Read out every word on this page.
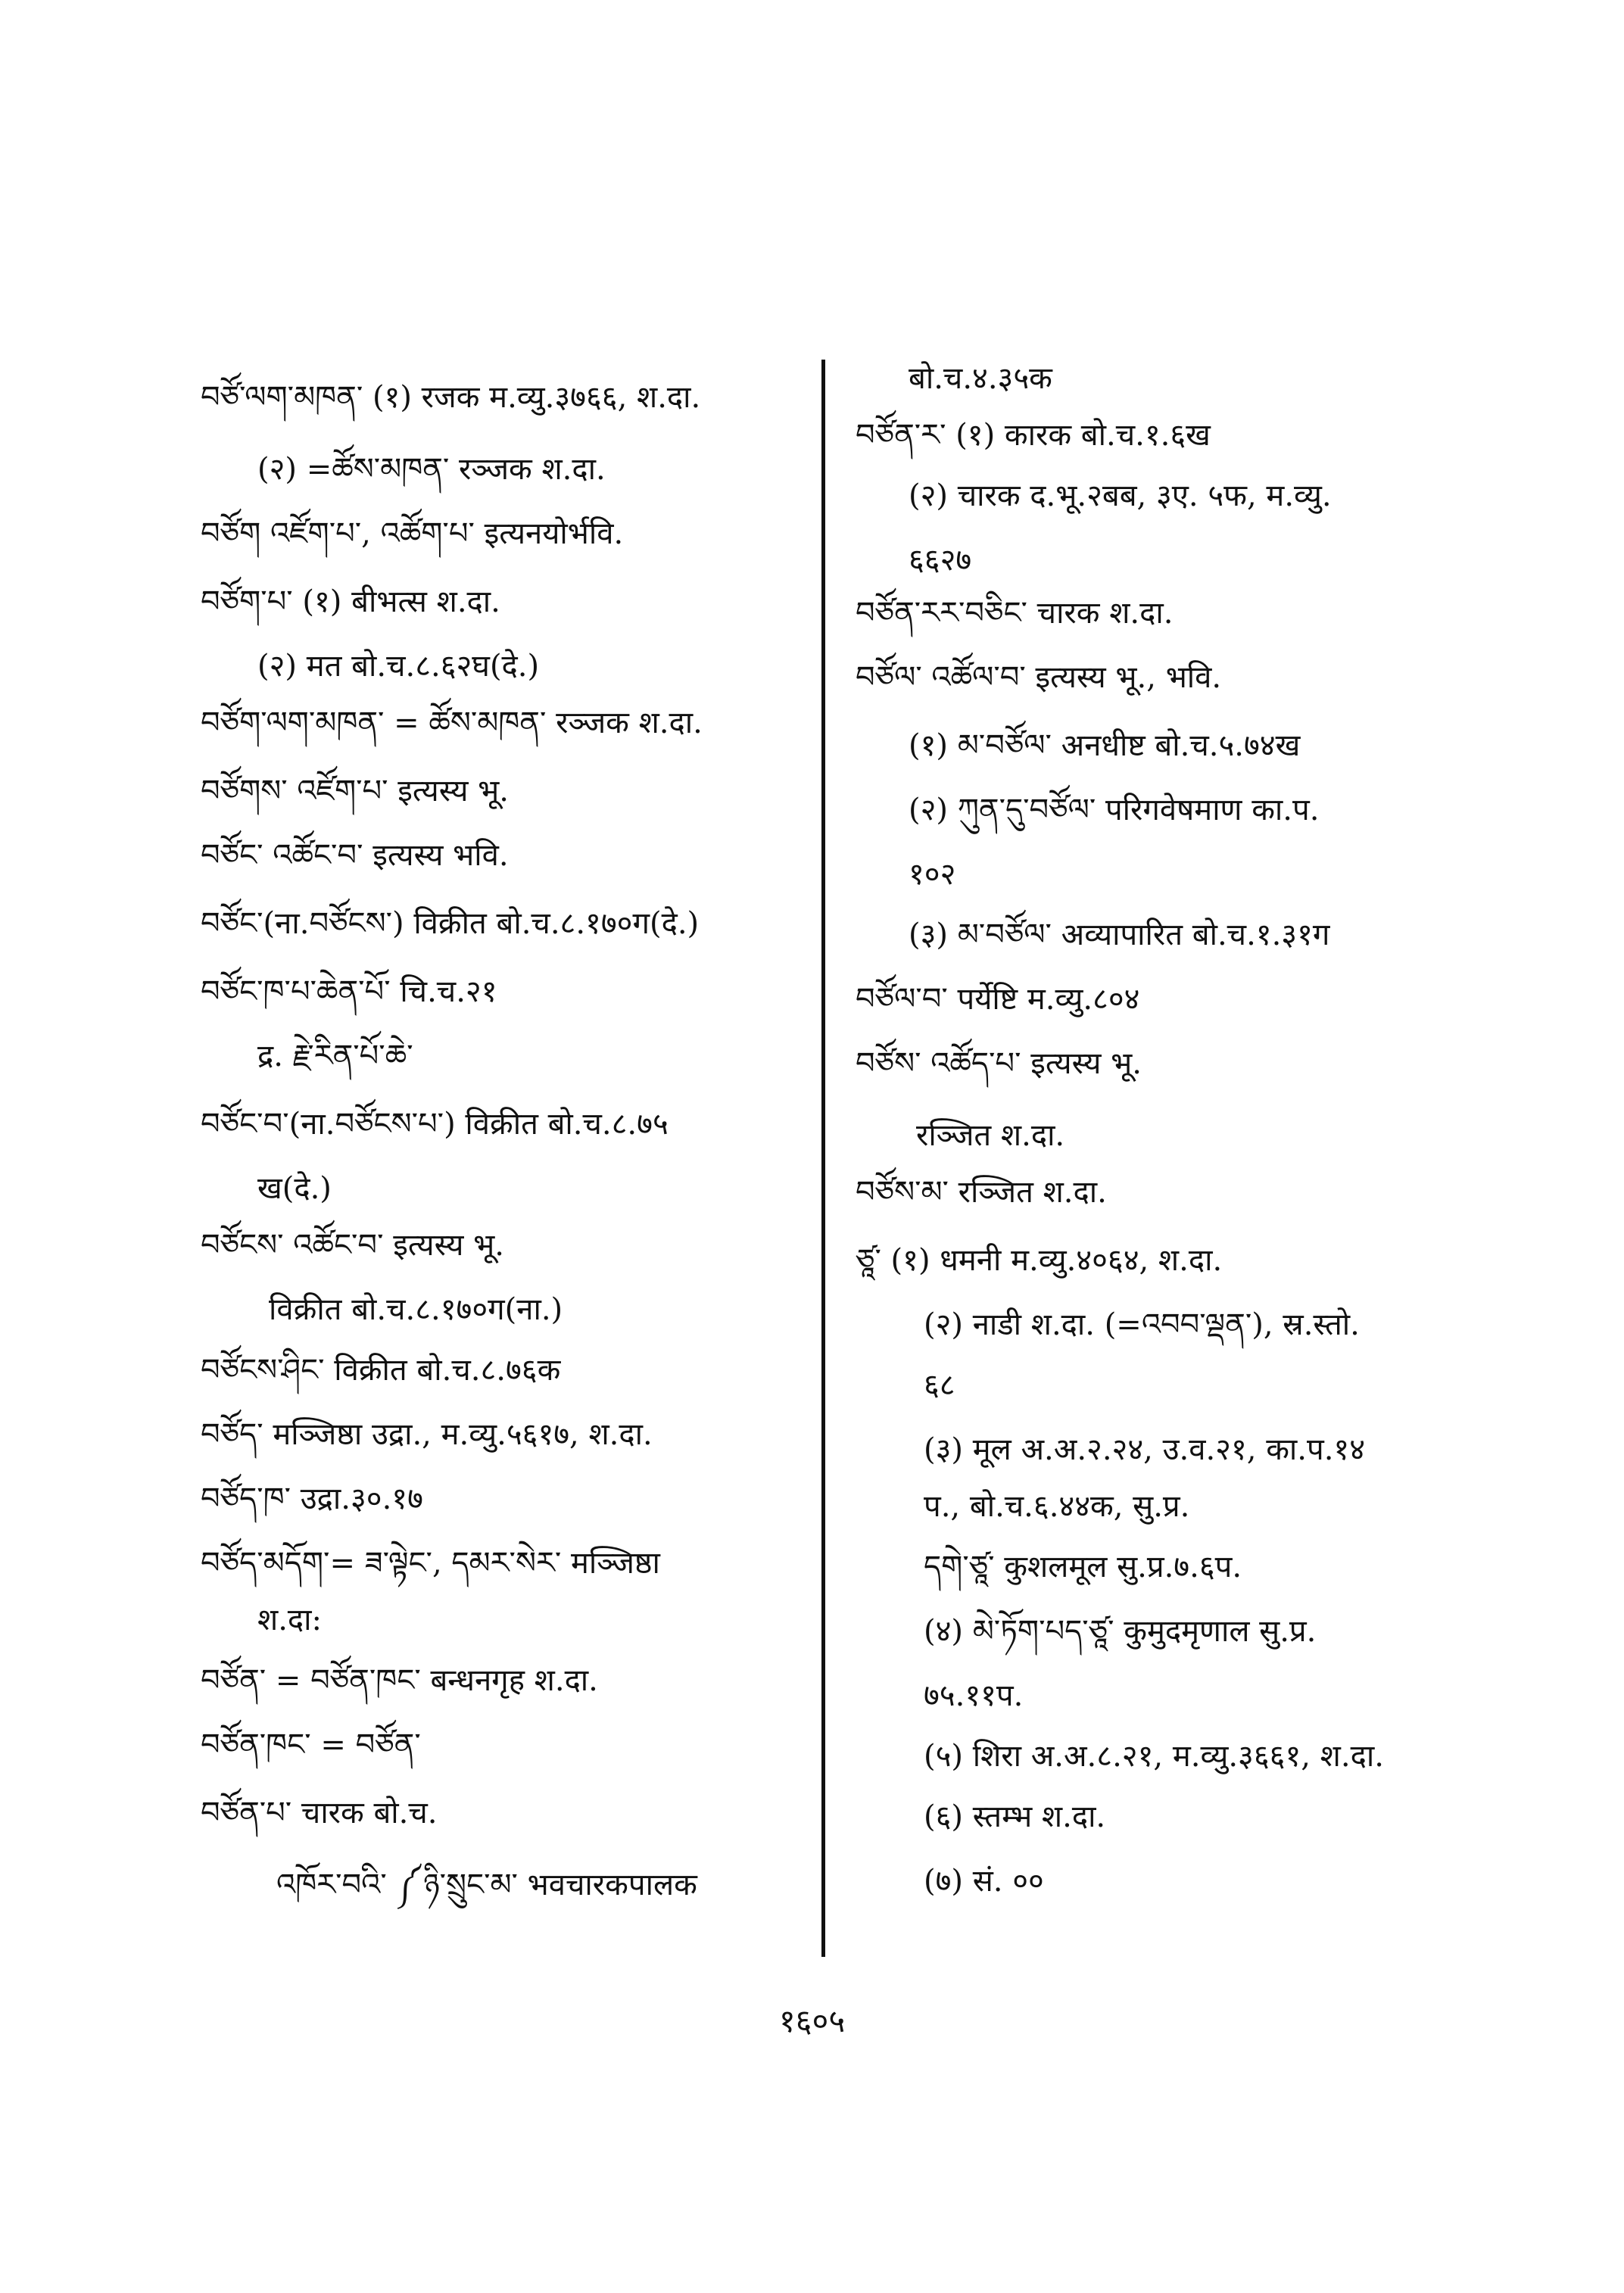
བཙོ་ལག་མཁན་ (१) रजक म.व्यु.३७६६, श.दा.
(२) =ཚོས་མཁན་ रञ्जक श.दा.
བཙོག འཛོག་པ་, འཚོག་པ་ इत्यनयोर्भवि.
བཙོག་པ་ (१) बीभत्स श.दा.
(२) मत बो.च.८.६२घ(दे.)
བཙོག་ལག་མཁན་ = ཚོས་མཁན་ रञ्जक श.दा.
བཙོགས་ འཛོག་པ་ इत्यस्य भू.
བཙོང་ འཚོང་བ་ इत्यस्य भवि.
བཙོང་(ना.བཙོངས་) विक्रीत बो.च.८.१७०ग(दे.)
བཙོང་ཁ་པ་ཆེན་པོ་ चि.च.२१
द्र. རྗེ་རིན་པོ་ཆེ་
བཙོང་བ་(ना.བཙོངས་པ་) विक्रीत बो.च.८.७५
ख(दे.)
བཙོངས་ འཚོང་བ་ इत्यस्य भू.
विक्रीत बो.च.८.१७०ग(ना.)
བཙོངས་ཤིང་ विक्रीत बो.च.८.७६क
བཙོད་ मञ्जिष्ठा उद्रा., म.व्यु.५६१७, श.दा.
བཙོད་ཁ་ उद्रा.३०.१७
བཙོད་མདོག་= ཟ་ལྟེང་, དམར་སེར་ मञ्जिष्ठा
श.दा:
བཙོན་ = བཙོན་ཁང་ बन्धनगृह श.दा.
བཙོན་ཁང་ = བཙོན་
བཙོན་པ་ चारक बो.च.
འཁོར་བའི་ ༼ཉི་སྲུང་མ་ भवचारकपालक
बो.च.४.३५क
བཙོན་ར་ (१) कारक बो.च.१.६ख
(२) चारक द.भू.२बब, ३ए. ५फ, म.व्यु.
६६२७
བཙོན་རར་བཅིང་ चारक श.दा.
བཙོལ་ འཚོལ་བ་ इत्यस्य भू., भवि.
(१) མ་བཙོལ་ अनधीष्ट बो.च.५.७४ख
(२) ཀུན་དུ་བཙོལ་ परिगवेषमाण का.प.
१०२
(३) མ་བཙོལ་ अव्यापारित बो.च.१.३१ग
བཙོལ་བ་ पर्येष्टि म.व्यु.८०४
བཙོས་ འཚོད་པ་ इत्यस्य भू.
रञ्जित श.दा.
བཙོས་མ་ रञ्जित श.दा.
ཙཱ་ (१) धमनी म.व्यु.४०६४, श.दा.
(२) नाडी श.दा. (=འབབ་ལྡན་), स्र.स्तो.
६८
(३) मूल अ.अ.२.२४, उ.व.२१, का.प.१४
प., बो.च.६.४४क, सु.प्र.
དགེ་ཙཱ་ कुशलमूल सु.प्र.७.६प.
(४) མེ་ཏོག་པད་ཙཱ་ कुमुदमृणाल सु.प्र.
७५.११प.
(५) शिरा अ.अ.८.२१, म.व्यु.३६६१, श.दा.
(६) स्तम्भ श.दा.
(७) सं. ००
१६०५
